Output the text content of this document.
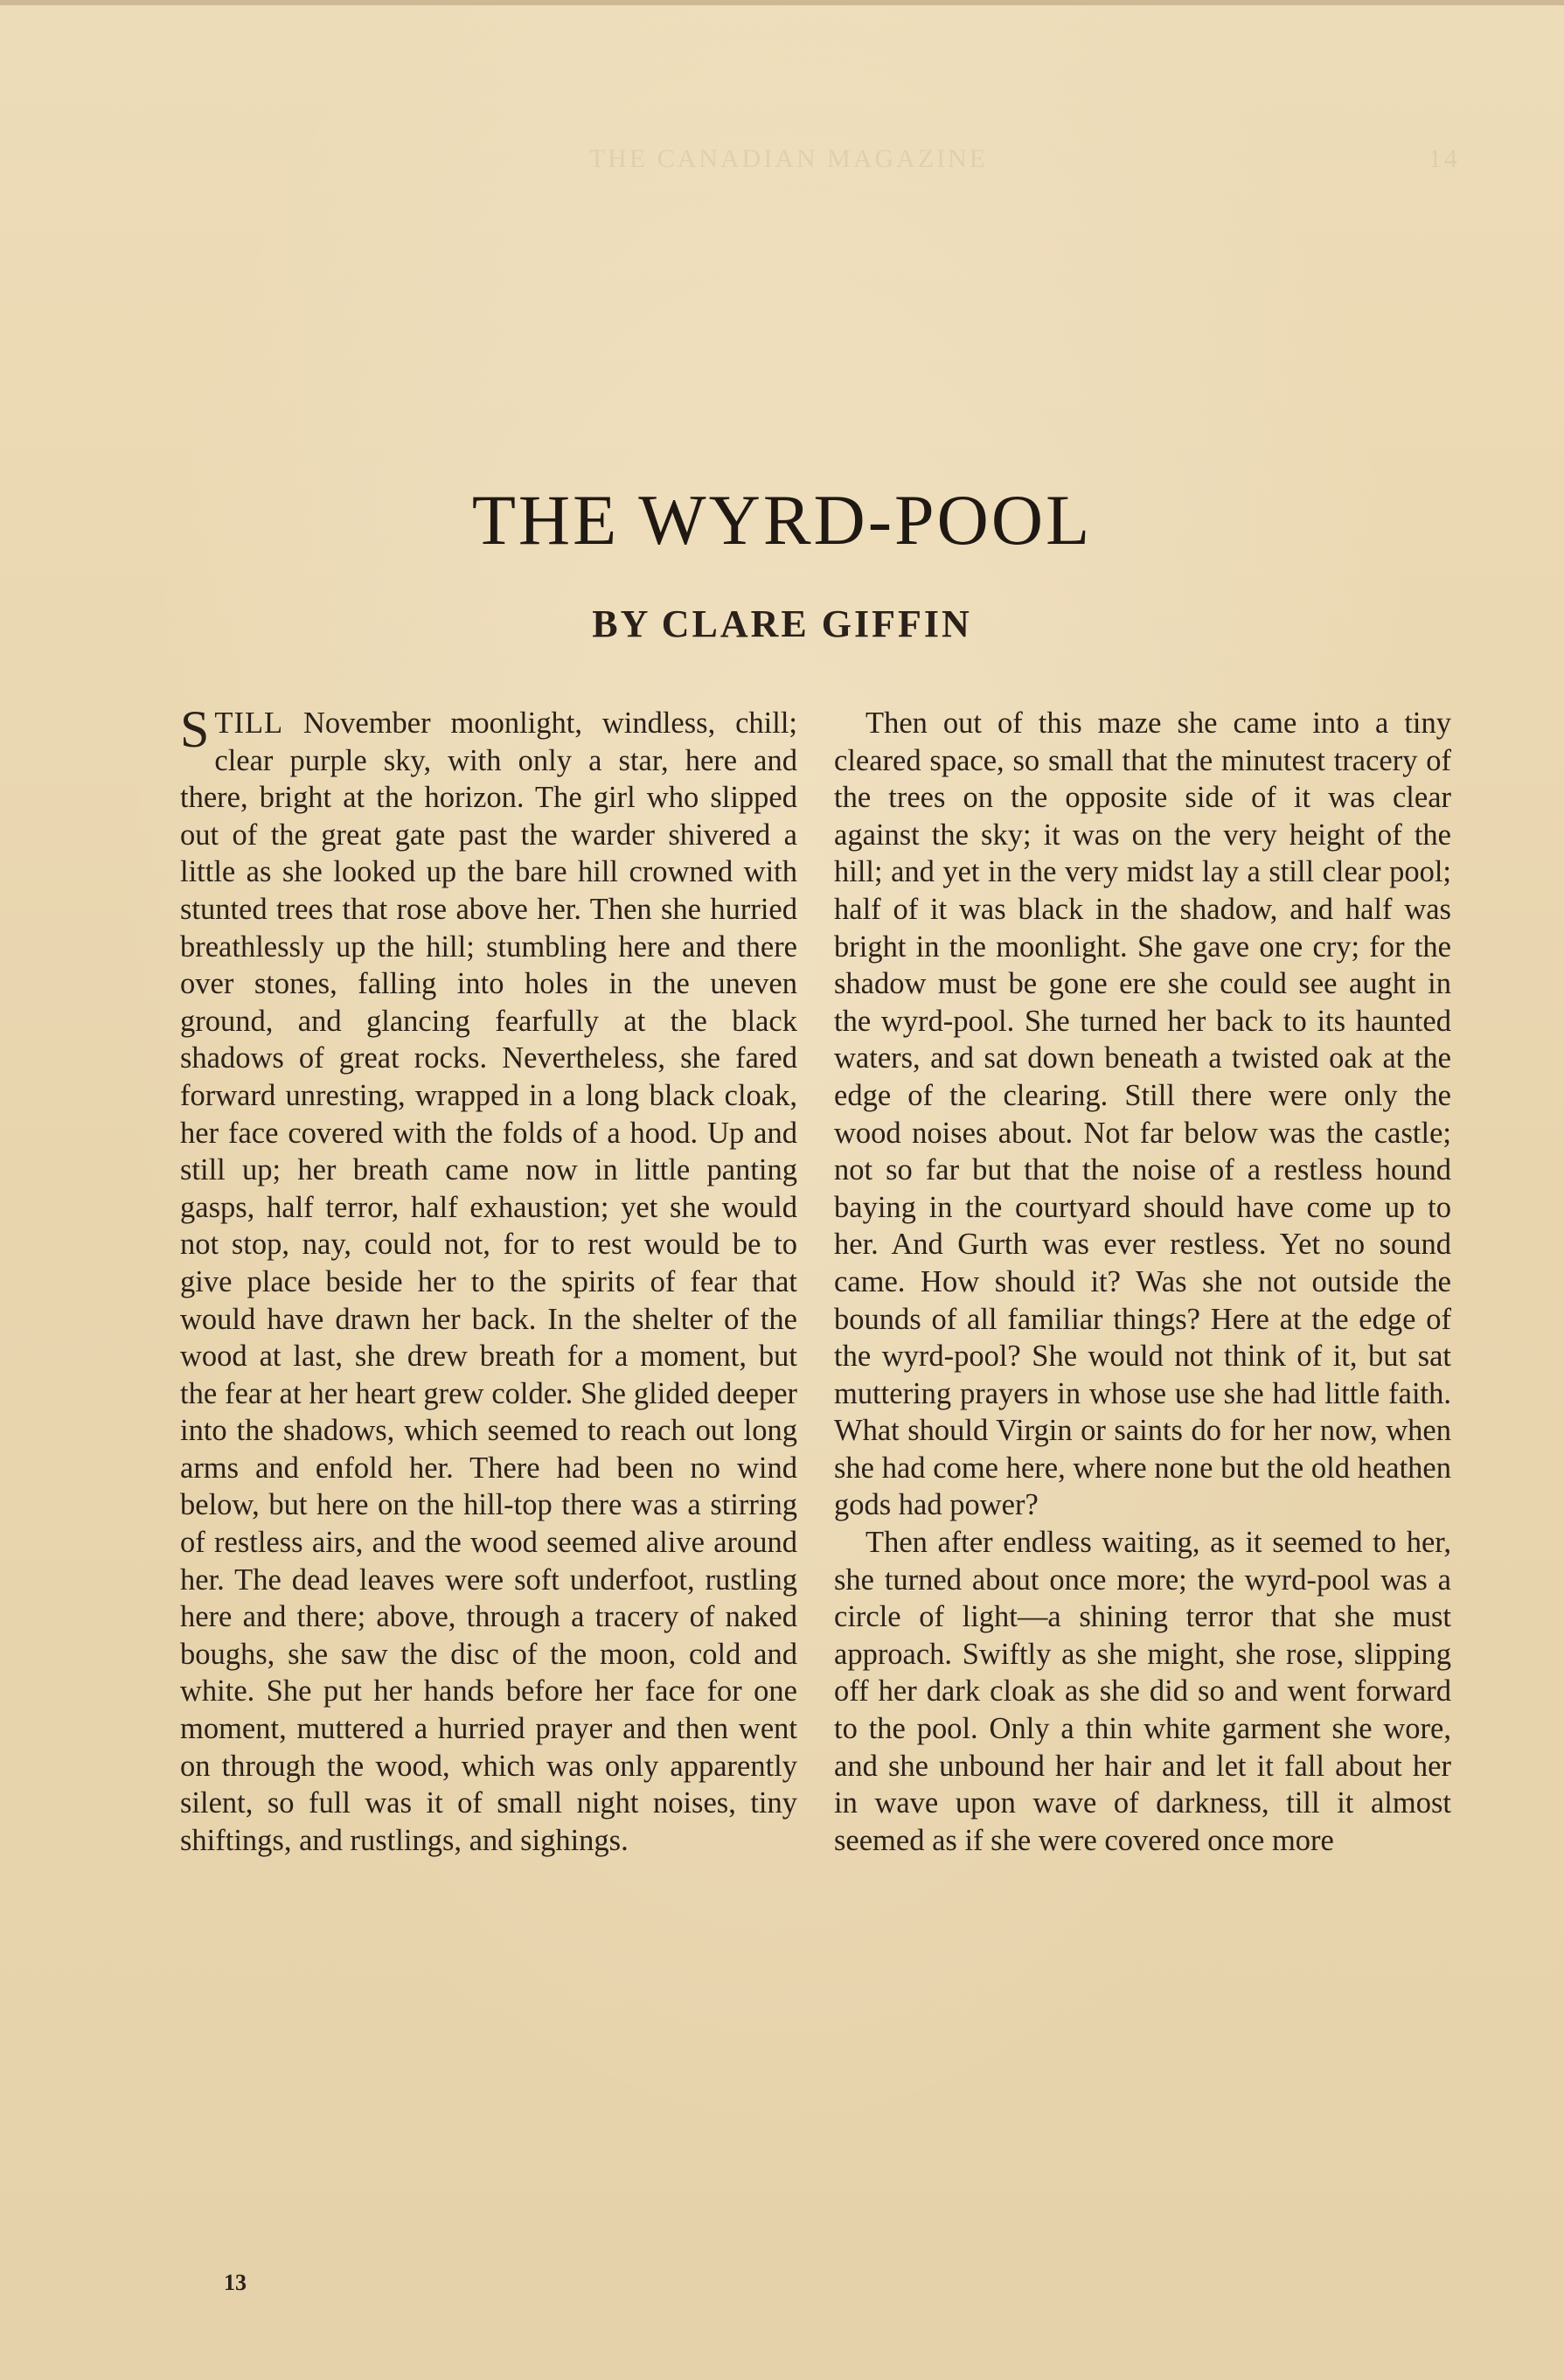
THE CANADIAN MAGAZINE	14
THE WYRD-POOL
BY CLARE GIFFIN

STILL November moonlight, windless, chill; clear purple sky, with only a star, here and there, bright at the horizon. The girl who slipped out of the great gate past the warder shivered a little as she looked up the bare hill crowned with stunted trees that rose above her. Then she hurried breathlessly up the hill; stumbling here and there over stones, falling into holes in the uneven ground, and glancing fearfully at the black shadows of great rocks. Nevertheless, she fared forward unresting, wrapped in a long black cloak, her face covered with the folds of a hood. Up and still up; her breath came now in little panting gasps, half terror, half exhaustion; yet she would not stop, nay, could not, for to rest would be to give place beside her to the spirits of fear that would have drawn her back. In the shelter of the wood at last, she drew breath for a moment, but the fear at her heart grew colder. She glided deeper into the shadows, which seemed to reach out long arms and enfold her. There had been no wind below, but here on the hill-top there was a stirring of restless airs, and the wood seemed alive around her. The dead leaves were soft underfoot, rustling here and there; above, through a tracery of naked boughs, she saw the disc of the moon, cold and white. She put her hands before her face for one moment, muttered a hurried prayer and then went on through the wood, which was only apparently silent, so full was it of small night noises, tiny shiftings, and rustlings, and sighings.

Then out of this maze she came into a tiny cleared space, so small that the minutest tracery of the trees on the opposite side of it was clear against the sky; it was on the very height of the hill; and yet in the very midst lay a still clear pool; half of it was black in the shadow, and half was bright in the moonlight. She gave one cry; for the shadow must be gone ere she could see aught in the wyrd-pool. She turned her back to its haunted waters, and sat down beneath a twisted oak at the edge of the clearing. Still there were only the wood noises about. Not far below was the castle; not so far but that the noise of a restless hound baying in the courtyard should have come up to her. And Gurth was ever restless. Yet no sound came. How should it? Was she not outside the bounds of all familiar things? Here at the edge of the wyrd-pool? She would not think of it, but sat muttering prayers in whose use she had little faith. What should Virgin or saints do for her now, when she had come here, where none but the old heathen gods had power?

Then after endless waiting, as it seemed to her, she turned about once more; the wyrd-pool was a circle of light—a shining terror that she must approach. Swiftly as she might, she rose, slipping off her dark cloak as she did so and went forward to the pool. Only a thin white garment she wore, and she unbound her hair and let it fall about her in wave upon wave of darkness, till it almost seemed as if she were covered once more

13
